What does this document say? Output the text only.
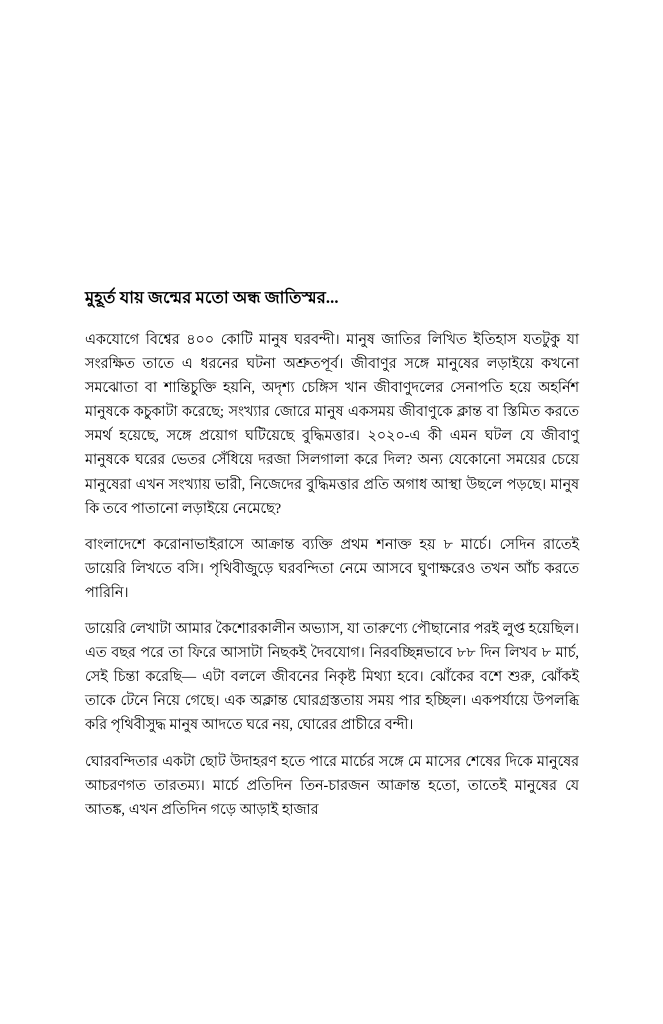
মুহূর্ত যায় জন্মের মতো অন্ধ জাতিস্মর...

একযোগে বিশ্বের ৪০০ কোটি মানুষ ঘরবন্দী। মানুষ জাতির লিখিত ইতিহাস যতটুকু যা সংরক্ষিত তাতে এ ধরনের ঘটনা অশ্রুতপূর্ব। জীবাণুর সঙ্গে মানুষের লড়াইয়ে কখনো সমঝোতা বা শান্তিচুক্তি হয়নি, অদৃশ্য চেঙ্গিস খান জীবাণুদলের সেনাপতি হয়ে অহর্নিশ মানুষকে কচুকাটা করেছে; সংখ্যার জোরে মানুষ একসময় জীবাণুকে ক্লান্ত বা স্তিমিত করতে সমর্থ হয়েছে, সঙ্গে প্রয়োগ ঘটিয়েছে বুদ্ধিমত্তার। ২০২০-এ কী এমন ঘটল যে জীবাণু মানুষকে ঘরের ভেতর সেঁধিয়ে দরজা সিলগালা করে দিল? অন্য যেকোনো সময়ের চেয়ে মানুষেরা এখন সংখ্যায় ভারী, নিজেদের বুদ্ধিমত্তার প্রতি অগাধ আস্থা উছলে পড়ছে। মানুষ কি তবে পাতানো লড়াইয়ে নেমেছে?

বাংলাদেশে করোনাভাইরাসে আক্রান্ত ব্যক্তি প্রথম শনাক্ত হয় ৮ মার্চে। সেদিন রাতেই ডায়েরি লিখতে বসি। পৃথিবীজুড়ে ঘরবন্দিতা নেমে আসবে ঘুণাক্ষরেও তখন আঁচ করতে পারিনি।

ডায়েরি লেখাটা আমার কৈশোরকালীন অভ্যাস, যা তারুণ্যে পৌছানোর পরই লুপ্ত হয়েছিল। এত বছর পরে তা ফিরে আসাটা নিছকই দৈবযোগ। নিরবচ্ছিন্নভাবে ৮৮ দিন লিখব ৮ মার্চ, সেই চিন্তা করেছি— এটা বললে জীবনের নিকৃষ্ট মিথ্যা হবে। ঝোঁকের বশে শুরু, ঝোঁকই তাকে টেনে নিয়ে গেছে। এক অক্লান্ত ঘোরগ্রস্ততায় সময় পার হচ্ছিল। একপর্যায়ে উপলব্ধি করি পৃথিবীসুদ্ধ মানুষ আদতে ঘরে নয়, ঘোরের প্রাচীরে বন্দী।

ঘোরবন্দিতার একটা ছোট উদাহরণ হতে পারে মার্চের সঙ্গে মে মাসের শেষের দিকে মানুষের আচরণগত তারতম্য। মার্চে প্রতিদিন তিন-চারজন আক্রান্ত হতো, তাতেই মানুষের যে আতঙ্ক, এখন প্রতিদিন গড়ে আড়াই হাজার
